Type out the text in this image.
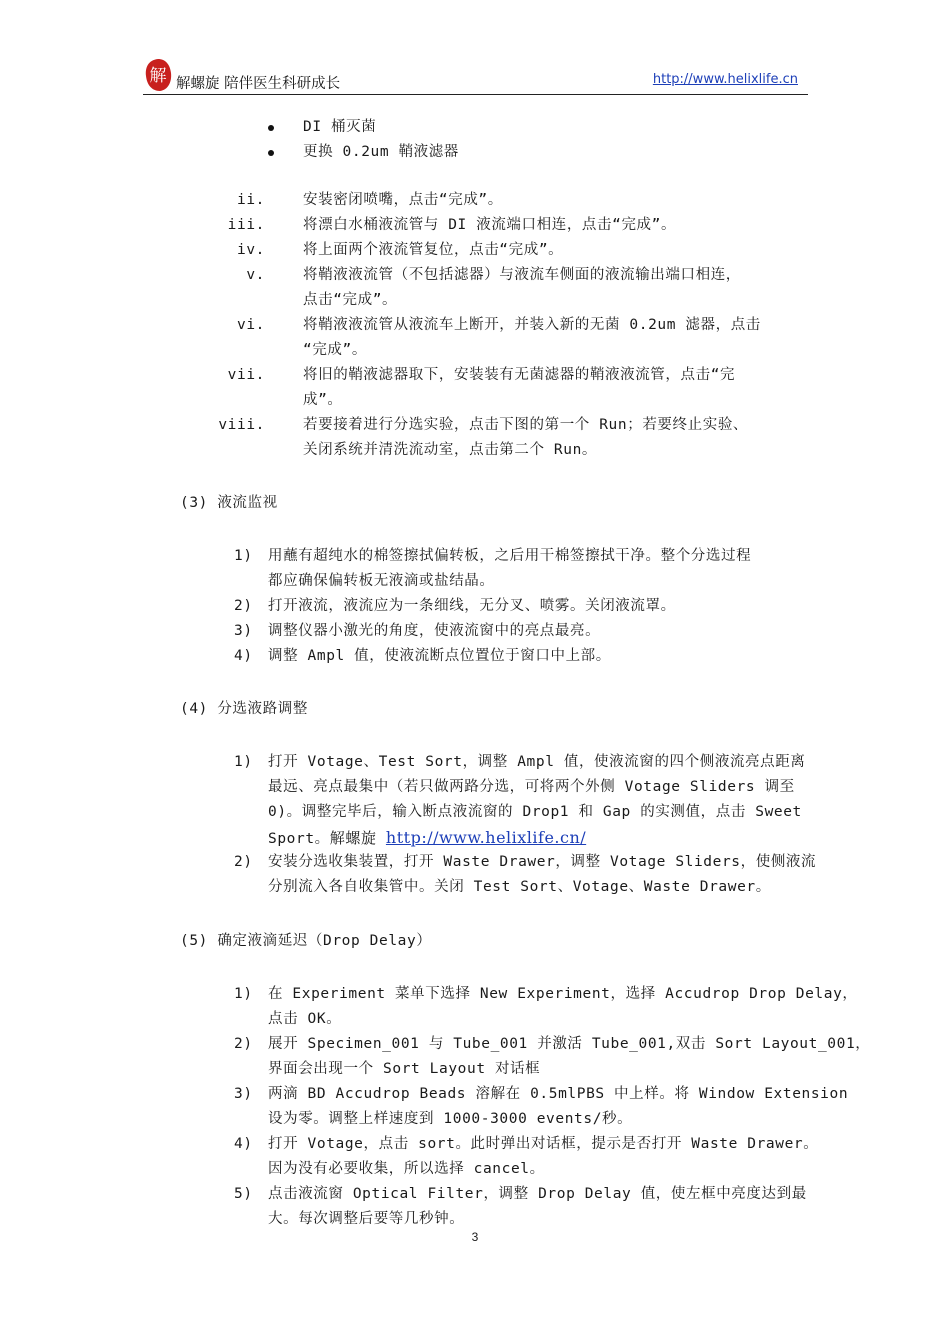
解 解螺旋 陪伴医生科研成长	http://www.helixlife.cn
DI 桶灭菌
更换 0.2um 鞘液滤器
ii.	安装密闭喷嘴，点击“完成”。
iii.	将漂白水桶液流管与 DI 液流端口相连，点击“完成”。
iv.	将上面两个液流管复位，点击“完成”。
v.	将鞘液液流管（不包括滤器）与液流车侧面的液流输出端口相连，
点击“完成”。
vi.	将鞘液液流管从液流车上断开，并装入新的无菌 0.2um 滤器，点击
“完成”。
vii.	将旧的鞘液滤器取下，安装装有无菌滤器的鞘液液流管，点击“完
成”。
viii.	若要接着进行分选实验，点击下图的第一个 Run；若要终止实验、
关闭系统并清洗流动室，点击第二个 Run。
(3) 液流监视
1) 用蘸有超纯水的棉签擦拭偏转板，之后用干棉签擦拭干净。整个分选过程
都应确保偏转板无液滴或盐结晶。
2) 打开液流，液流应为一条细线，无分叉、喷雾。关闭液流罩。
3) 调整仪器小激光的角度，使液流窗中的亮点最亮。
4) 调整 Ampl 值，使液流断点位置位于窗口中上部。
(4) 分选液路调整
1) 打开 Votage、Test Sort，调整 Ampl 值，使液流窗的四个侧液流亮点距离
最远、亮点最集中（若只做两路分选，可将两个外侧 Votage Sliders 调至
0)。调整完毕后，输入断点液流窗的 Drop1 和 Gap 的实测值，点击 Sweet
Sport。解螺旋 http://www.helixlife.cn/
2) 安装分选收集装置，打开 Waste Drawer，调整 Votage Sliders，使侧液流
分别流入各自收集管中。关闭 Test Sort、Votage、Waste Drawer。
(5) 确定液滴延迟（Drop Delay）
1) 在 Experiment 菜单下选择 New Experiment，选择 Accudrop Drop Delay，
点击 OK。
2) 展开 Specimen_001 与 Tube_001 并激活 Tube_001,双击 Sort Layout_001，
界面会出现一个 Sort Layout 对话框
3) 两滴 BD Accudrop Beads 溶解在 0.5mlPBS 中上样。将 Window Extension
设为零。调整上样速度到 1000-3000 events/秒。
4) 打开 Votage，点击 sort。此时弹出对话框，提示是否打开 Waste Drawer。
因为没有必要收集，所以选择 cancel。
5) 点击液流窗 Optical Filter，调整 Drop Delay 值，使左框中亮度达到最
大。每次调整后要等几秒钟。
3
